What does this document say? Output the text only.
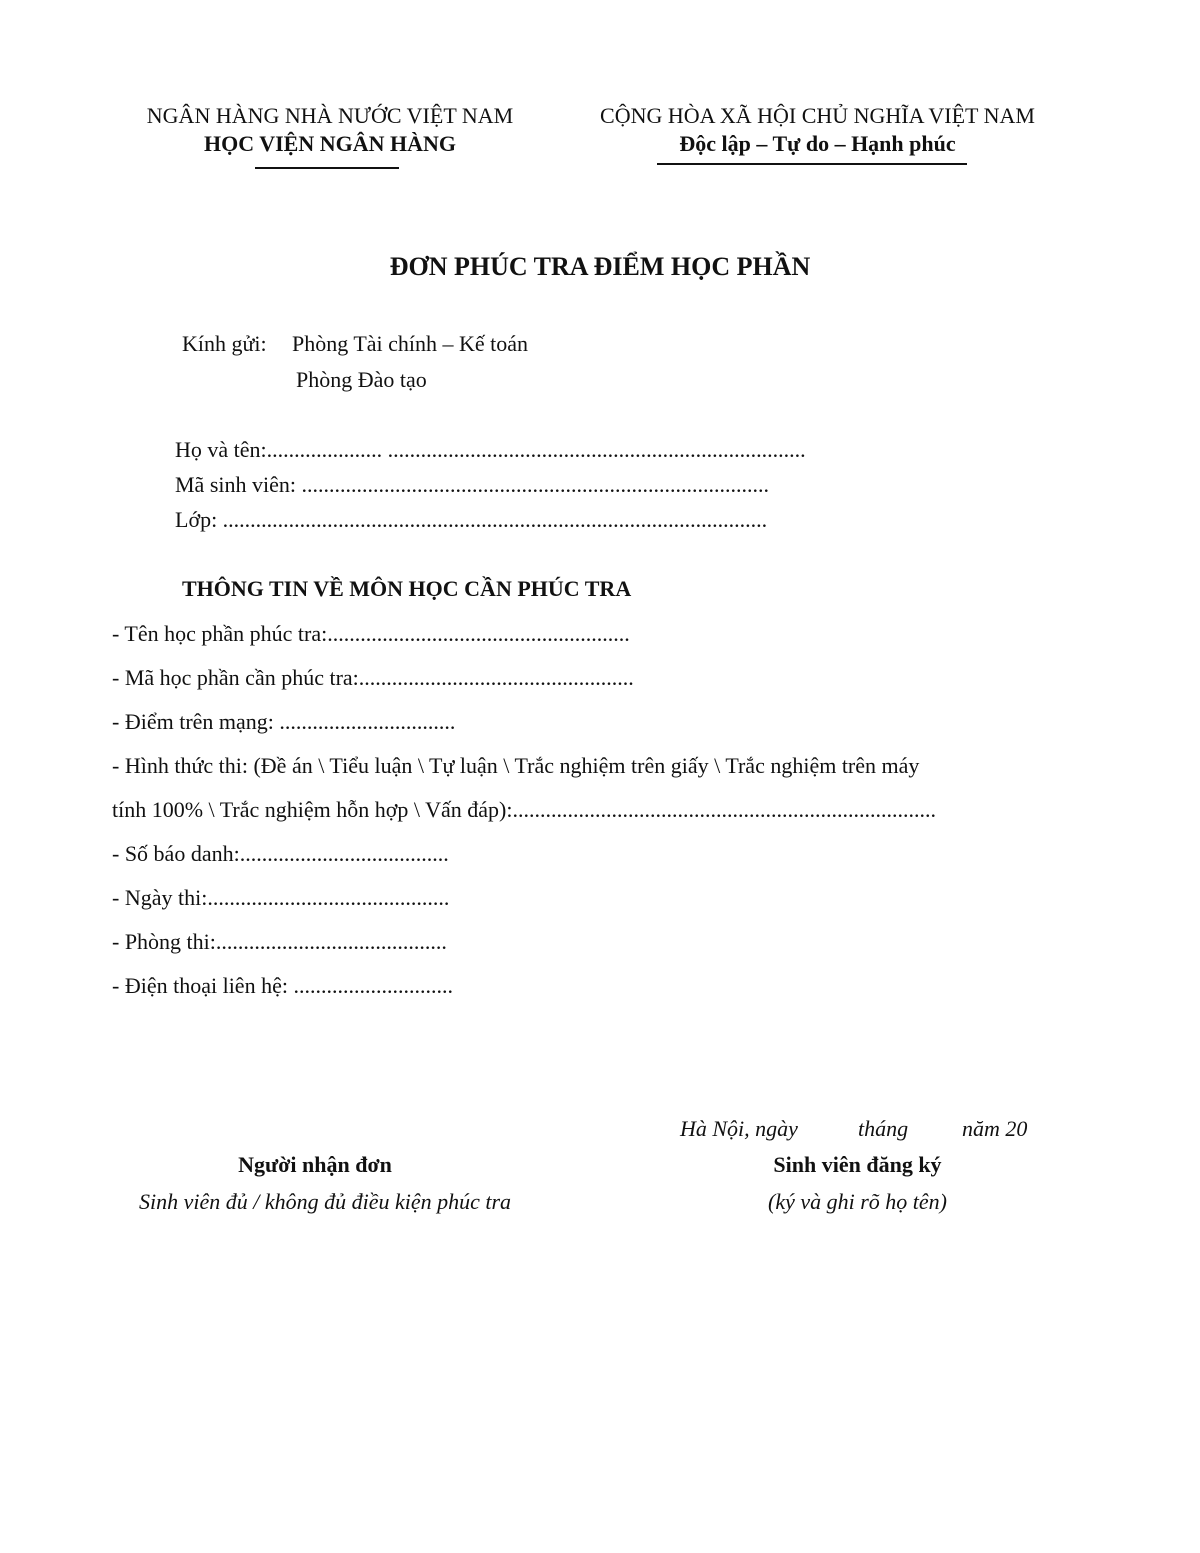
NGÂN HÀNG NHÀ NƯỚC VIỆT NAM
HỌC VIỆN NGÂN HÀNG
CỘNG HÒA XÃ HỘI CHỦ NGHĨA VIỆT NAM
Độc lập – Tự do – Hạnh phúc
ĐƠN PHÚC TRA ĐIỂM HỌC PHẦN
Kính gửi: Phòng Tài chính – Kế toán
Phòng Đào tạo
Họ và tên:..................... ............................................................................
Mã sinh viên: .....................................................................................
Lớp: ...................................................................................................
THÔNG TIN VỀ MÔN HỌC CẦN PHÚC TRA
- Tên học phần phúc tra:.......................................................
- Mã học phần cần phúc tra:..................................................
- Điểm trên mạng: ................................
- Hình thức thi: (Đề án \ Tiểu luận \ Tự luận \ Trắc nghiệm trên giấy \ Trắc nghiệm trên máy
tính 100% \ Trắc nghiệm hỗn hợp \ Vấn đáp):.............................................................................
- Số báo danh:......................................
- Ngày thi:............................................
- Phòng thi:..........................................
- Điện thoại liên hệ: .............................
Hà Nội, ngày	tháng năm 20
Người nhận đơn
Sinh viên đủ / không đủ điều kiện phúc tra
Sinh viên đăng ký
(ký và ghi rõ họ tên)
